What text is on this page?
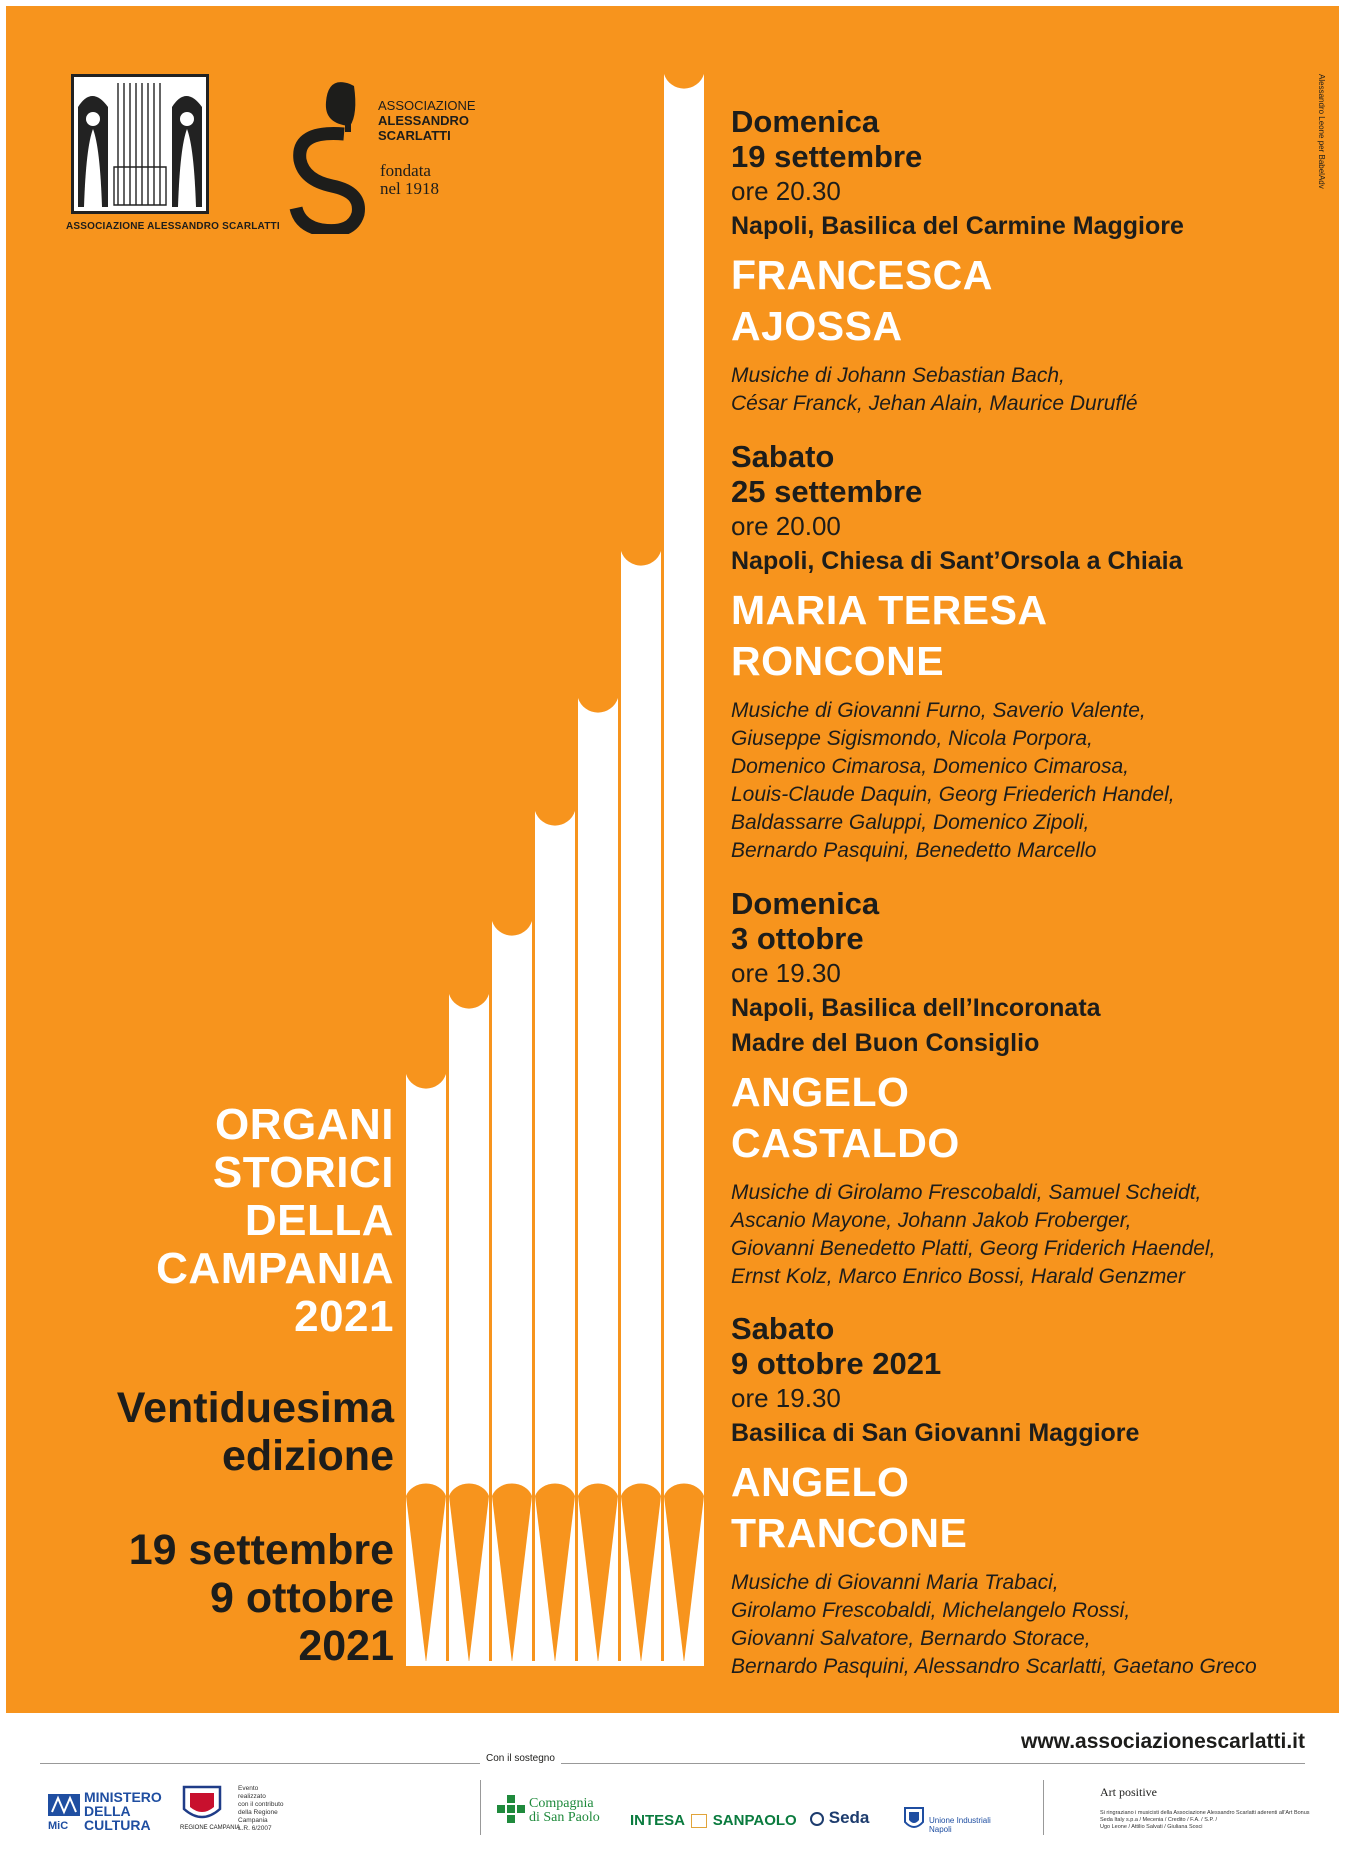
ASSOCIAZIONE ALESSANDRO SCARLATTI
ASSOCIAZIONE
ALESSANDRO
SCARLATTI
fondata
nel 1918	Alessandro Leone per BabelAdv
ORGANI
STORICI
DELLA
CAMPANIA
2021
Ventiduesima
edizione
19 settembre
9 ottobre
2021
Domenica
19 settembre
ore 20.30
Napoli, Basilica del Carmine Maggiore
FRANCESCA
AJOSSA
Musiche di Johann Sebastian Bach,
César Franck, Jehan Alain, Maurice Duruflé
Sabato
25 settembre
ore 20.00
Napoli, Chiesa di Sant’Orsola a Chiaia
MARIA TERESA
RONCONE
Musiche di Giovanni Furno, Saverio Valente,
Giuseppe Sigismondo, Nicola Porpora,
Domenico Cimarosa, Domenico Cimarosa,
Louis-Claude Daquin, Georg Friederich Handel,
Baldassarre Galuppi, Domenico Zipoli,
Bernardo Pasquini, Benedetto Marcello
Domenica
3 ottobre
ore 19.30
Napoli, Basilica dell’Incoronata
Madre del Buon Consiglio
ANGELO
CASTALDO
Musiche di Girolamo Frescobaldi, Samuel Scheidt,
Ascanio Mayone, Johann Jakob Froberger,
Giovanni Benedetto Platti, Georg Friderich Haendel,
Ernst Kolz, Marco Enrico Bossi, Harald Genzmer
Sabato
9 ottobre 2021
ore 19.30
Basilica di San Giovanni Maggiore
ANGELO
TRANCONE
Musiche di Giovanni Maria Trabaci,
Girolamo Frescobaldi, Michelangelo Rossi,
Giovanni Salvatore, Bernardo Storace,
Bernardo Pasquini, Alessandro Scarlatti, Gaetano Greco
www.associazionescarlatti.it
Con il sostegno
MINISTERO
DELLA
CULTURA
MiC	REGIONE CAMPANIA
Evento
realizzato
con il contributo
della Regione
Campania
L.R. 6/2007
Compagnia
di San Paolo INTESA SANPAOLO	Seda	Unione Industriali
Napoli
Art positive
Si ringraziano i musicisti della Associazione Alessandro Scarlatti aderenti all'Art Bonus
Seda Italy s.p.a / Mecenia / Credito / F.A. / S.P. /
Ugo Leone / Attilio Salvati / Giuliana Sosci
